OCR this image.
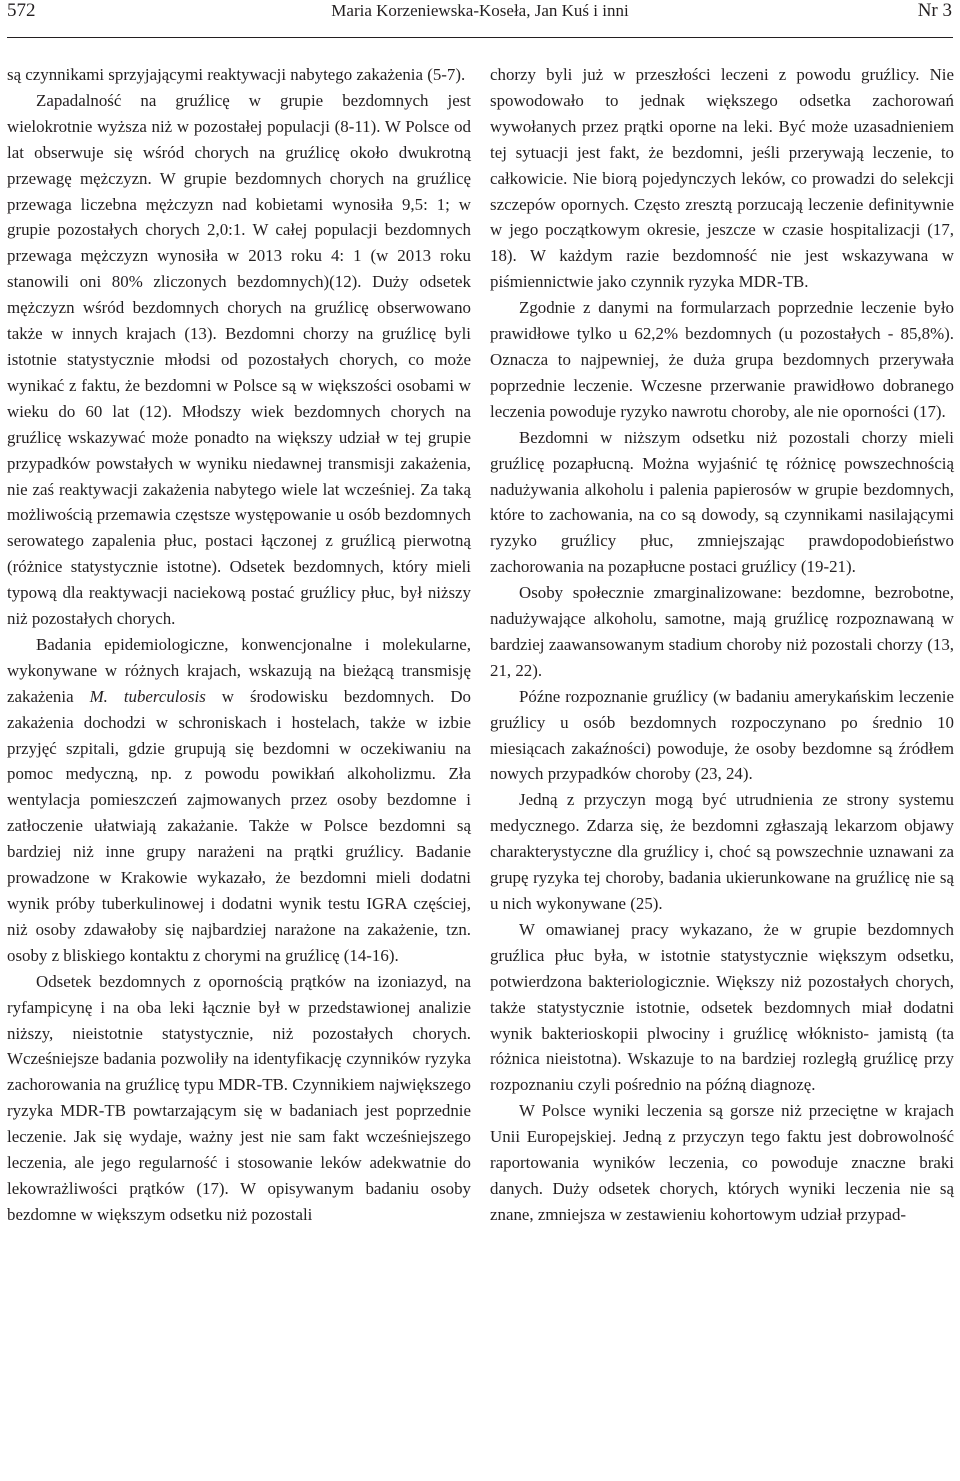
572	Maria Korzeniewska-Koseła, Jan Kuś i inni	Nr 3

są czynnikami sprzyjającymi reaktywacji nabytego zakażenia (5-7).

Zapadalność na gruźlicę w grupie bezdomnych jest wielokrotnie wyższa niż w pozostałej populacji (8-11). W Polsce od lat obserwuje się wśród chorych na gruźlicę około dwukrotną przewagę mężczyzn. W grupie bezdomnych chorych na gruźlicę przewaga liczebna mężczyzn nad kobietami wynosiła 9,5: 1; w grupie pozostałych chorych 2,0:1. W całej populacji bezdomnych przewaga mężczyzn wynosiła w 2013 roku 4: 1 (w 2013 roku stanowili oni 80% zliczonych bezdomnych)(12). Duży odsetek mężczyzn wśród bezdomnych chorych na gruźlicę obserwowano także w innych krajach (13). Bezdomni chorzy na gruźlicę byli istotnie statystycznie młodsi od pozostałych chorych, co może wynikać z faktu, że bezdomni w Polsce są w większości osobami w wieku do 60 lat (12). Młodszy wiek bezdomnych chorych na gruźlicę wskazywać może ponadto na większy udział w tej grupie przypadków powstałych w wyniku niedawnej transmisji zakażenia, nie zaś reaktywacji zakażenia nabytego wiele lat wcześniej. Za taką możliwością przemawia częstsze występowanie u osób bezdomnych serowatego zapalenia płuc, postaci łączonej z gruźlicą pierwotną (różnice statystycznie istotne). Odsetek bezdomnych, który mieli typową dla reaktywacji naciekową postać gruźlicy płuc, był niższy niż pozostałych chorych.

Badania epidemiologiczne, konwencjonalne i molekularne, wykonywane w różnych krajach, wskazują na bieżącą transmisję zakażenia M. tuberculosis w środowisku bezdomnych. Do zakażenia dochodzi w schroniskach i hostelach, także w izbie przyjęć szpitali, gdzie grupują się bezdomni w oczekiwaniu na pomoc medyczną, np. z powodu powikłań alkoholizmu. Zła wentylacja pomieszczeń zajmowanych przez osoby bezdomne i zatłoczenie ułatwiają zakażanie. Także w Polsce bezdomni są bardziej niż inne grupy narażeni na prątki gruźlicy. Badanie prowadzone w Krakowie wykazało, że bezdomni mieli dodatni wynik próby tuberkulinowej i dodatni wynik testu IGRA częściej, niż osoby zdawałoby się najbardziej narażone na zakażenie, tzn. osoby z bliskiego kontaktu z chorymi na gruźlicę (14-16).

Odsetek bezdomnych z opornością prątków na izoniazyd, na ryfampicynę i na oba leki łącznie był w przedstawionej analizie niższy, nieistotnie statystycznie, niż pozostałych chorych. Wcześniejsze badania pozwoliły na identyfikację czynników ryzyka zachorowania na gruźlicę typu MDR-TB. Czynnikiem największego ryzyka MDR-TB powtarzającym się w badaniach jest poprzednie leczenie. Jak się wydaje, ważny jest nie sam fakt wcześniejszego leczenia, ale jego regularność i stosowanie leków adekwatnie do lekowrażliwości prątków (17). W opisywanym badaniu osoby bezdomne w większym odsetku niż pozostali

chorzy byli już w przeszłości leczeni z powodu gruźlicy. Nie spowodowało to jednak większego odsetka zachorowań wywołanych przez prątki oporne na leki. Być może uzasadnieniem tej sytuacji jest fakt, że bezdomni, jeśli przerywają leczenie, to całkowicie. Nie biorą pojedynczych leków, co prowadzi do selekcji szczepów opornych. Często zresztą porzucają leczenie definitywnie w jego początkowym okresie, jeszcze w czasie hospitalizacji (17, 18). W każdym razie bezdomność nie jest wskazywana w piśmiennictwie jako czynnik ryzyka MDR-TB.

Zgodnie z danymi na formularzach poprzednie leczenie było prawidłowe tylko u 62,2% bezdomnych (u pozostałych - 85,8%). Oznacza to najpewniej, że duża grupa bezdomnych przerywała poprzednie leczenie. Wczesne przerwanie prawidłowo dobranego leczenia powoduje ryzyko nawrotu choroby, ale nie oporności (17).

Bezdomni w niższym odsetku niż pozostali chorzy mieli gruźlicę pozapłucną. Można wyjaśnić tę różnicę powszechnością nadużywania alkoholu i palenia papierosów w grupie bezdomnych, które to zachowania, na co są dowody, są czynnikami nasilającymi ryzyko gruźlicy płuc, zmniejszając prawdopodobieństwo zachorowania na pozapłucne postaci gruźlicy (19-21).

Osoby społecznie zmarginalizowane: bezdomne, bezrobotne, nadużywające alkoholu, samotne, mają gruźlicę rozpoznawaną w bardziej zaawansowanym stadium choroby niż pozostali chorzy (13, 21, 22).

Późne rozpoznanie gruźlicy (w badaniu amerykańskim leczenie gruźlicy u osób bezdomnych rozpoczynano po średnio 10 miesiącach zakaźności) powoduje, że osoby bezdomne są źródłem nowych przypadków choroby (23, 24).

Jedną z przyczyn mogą być utrudnienia ze strony systemu medycznego. Zdarza się, że bezdomni zgłaszają lekarzom objawy charakterystyczne dla gruźlicy i, choć są powszechnie uznawani za grupę ryzyka tej choroby, badania ukierunkowane na gruźlicę nie są u nich wykonywane (25).

W omawianej pracy wykazano, że w grupie bezdomnych gruźlica płuc była, w istotnie statystycznie większym odsetku, potwierdzona bakteriologicznie. Większy niż pozostałych chorych, także statystycznie istotnie, odsetek bezdomnych miał dodatni wynik bakterioskopii plwociny i gruźlicę włóknisto- jamistą (ta różnica nieistotna). Wskazuje to na bardziej rozległą gruźlicę przy rozpoznaniu czyli pośrednio na późną diagnozę.

W Polsce wyniki leczenia są gorsze niż przeciętne w krajach Unii Europejskiej. Jedną z przyczyn tego faktu jest dobrowolność raportowania wyników leczenia, co powoduje znaczne braki danych. Duży odsetek chorych, których wyniki leczenia nie są znane, zmniejsza w zestawieniu kohortowym udział przypad-
